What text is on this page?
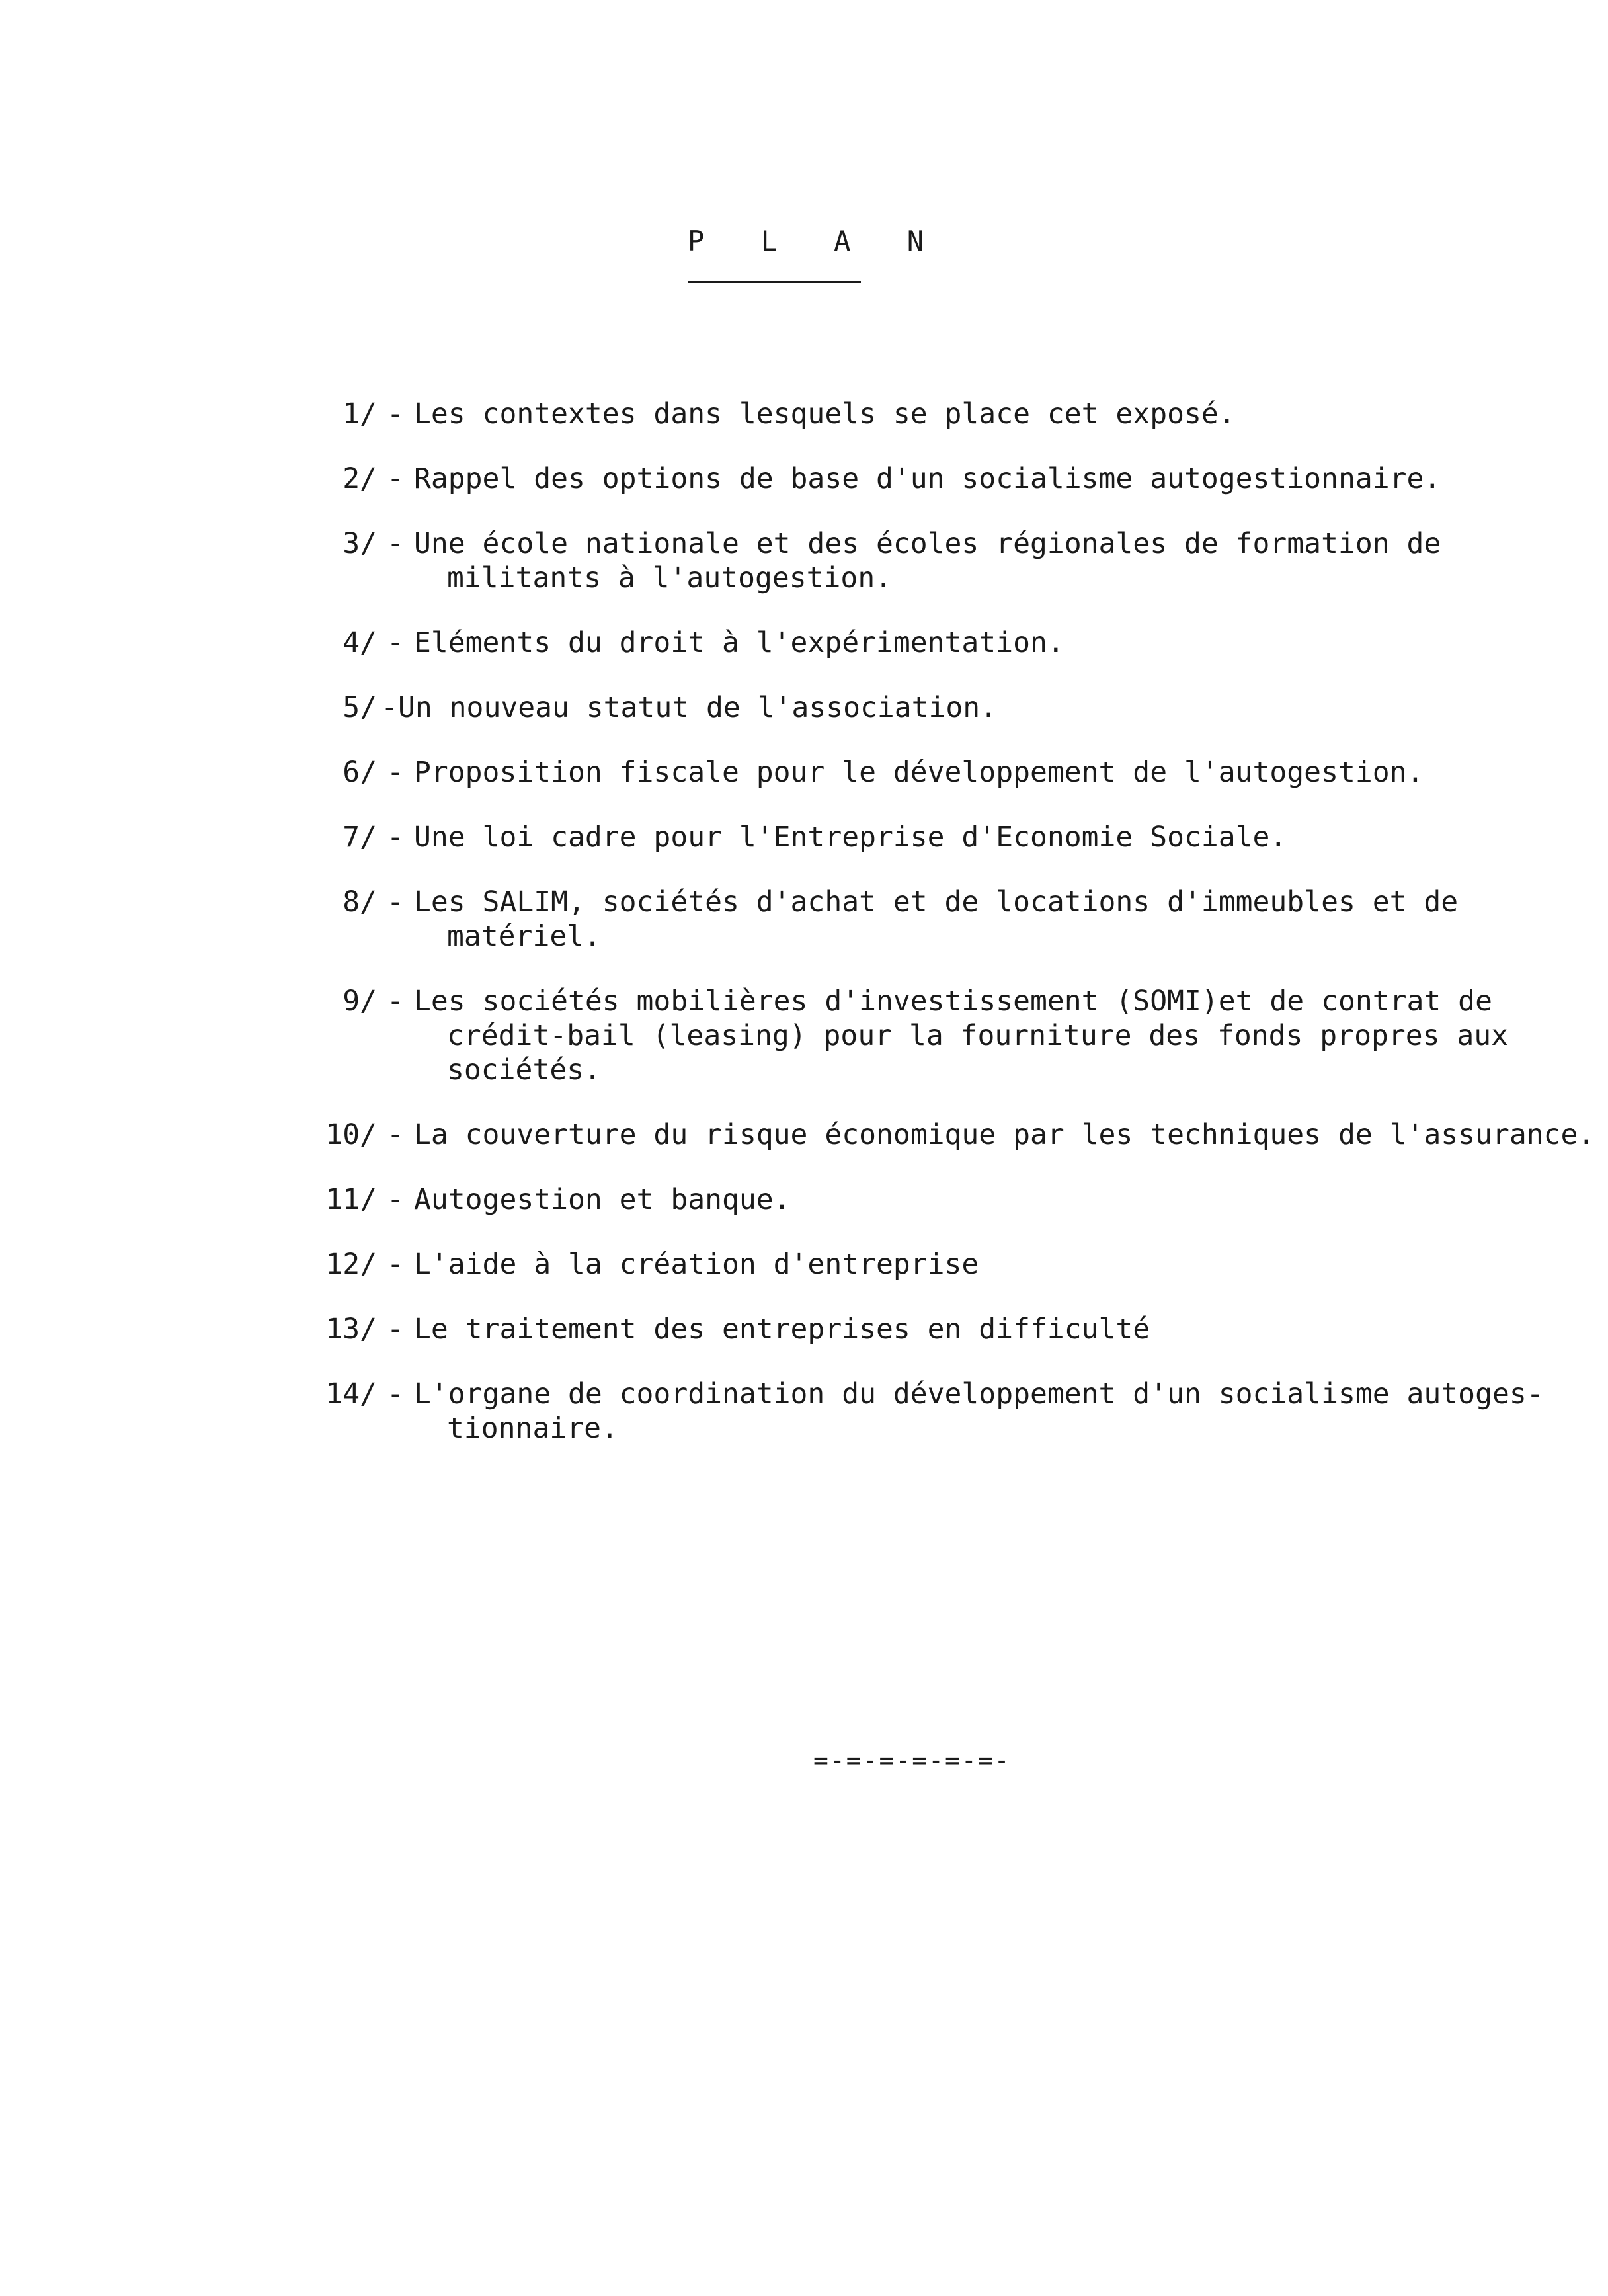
P L A N
1/ - Les contextes dans lesquels se place cet exposé.
2/ - Rappel des options de base d'un socialisme autogestionnaire.
3/ - Une école nationale et des écoles régionales de formation de
militants à l'autogestion.
4/ - Eléments du droit à l'expérimentation.
5/ - Un nouveau statut de l'association.
6/ - Proposition fiscale pour le développement de l'autogestion.
7/ - Une loi cadre pour l'Entreprise d'Economie Sociale.
8/ - Les SALIM, sociétés d'achat et de locations d'immeubles et de
matériel.
9/ - Les sociétés mobilières d'investissement (SOMI)et de contrat de
crédit-bail (leasing) pour la fourniture des fonds propres aux
sociétés.
10/ - La couverture du risque économique par les techniques de l'assurance.
11/ - Autogestion et banque.
12/ - L'aide à la création d'entreprise
13/ - Le traitement des entreprises en difficulté
14/ - L'organe de coordination du développement d'un socialisme autoges-
tionnaire.
=-=-=-=-=-=-
